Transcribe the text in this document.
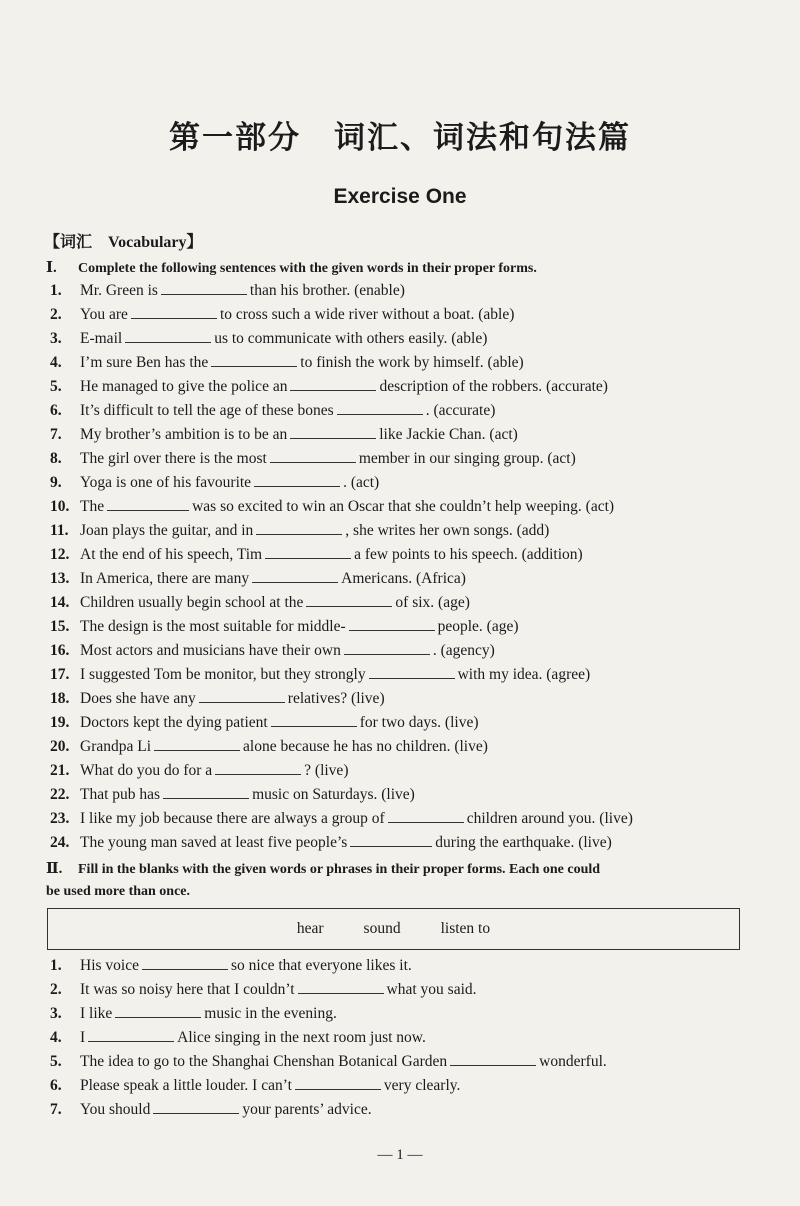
第一部分　词汇、词法和句法篇
Exercise One
【词汇　Vocabulary】
Ⅰ. Complete the following sentences with the given words in their proper forms.
1. Mr. Green is	than his brother. (enable)
2. You are	to cross such a wide river without a boat. (able)
3. E-mail	us to communicate with others easily. (able)
4. I’m sure Ben has the	to finish the work by himself. (able)
5. He managed to give the police an	description of the robbers. (accurate)
6. It’s difficult to tell the age of these bones	. (accurate)
7. My brother’s ambition is to be an	like Jackie Chan. (act)
8. The girl over there is the most	member in our singing group. (act)
9. Yoga is one of his favourite	. (act)
10. The	was so excited to win an Oscar that she couldn’t help weeping. (act)
11. Joan plays the guitar, and in	, she writes her own songs. (add)
12. At the end of his speech, Tim	a few points to his speech. (addition)
13. In America, there are many	Americans. (Africa)
14. Children usually begin school at the	of six. (age)
15. The design is the most suitable for middle-	people. (age)
16. Most actors and musicians have their own	. (agency)
17. I suggested Tom be monitor, but they strongly	with my idea. (agree)
18. Does she have any	relatives? (live)
19. Doctors kept the dying patient	for two days. (live)
20. Grandpa Li	alone because he has no children. (live)
21. What do you do for a	? (live)
22. That pub has	music on Saturdays. (live)
23. I like my job because there are always a group of	children around you. (live)
24. The young man saved at least five people’s	during the earthquake. (live)
Ⅱ. Fill in the blanks with the given words or phrases in their proper forms. Each one could
be used more than once.
hear	sound	listen to
1. His voice	so nice that everyone likes it.
2. It was so noisy here that I couldn’t	what you said.
3. I like	music in the evening.
4. I	Alice singing in the next room just now.
5. The idea to go to the Shanghai Chenshan Botanical Garden	wonderful.
6. Please speak a little louder. I can’t	very clearly.
7. You should	your parents’ advice.
— 1 —
